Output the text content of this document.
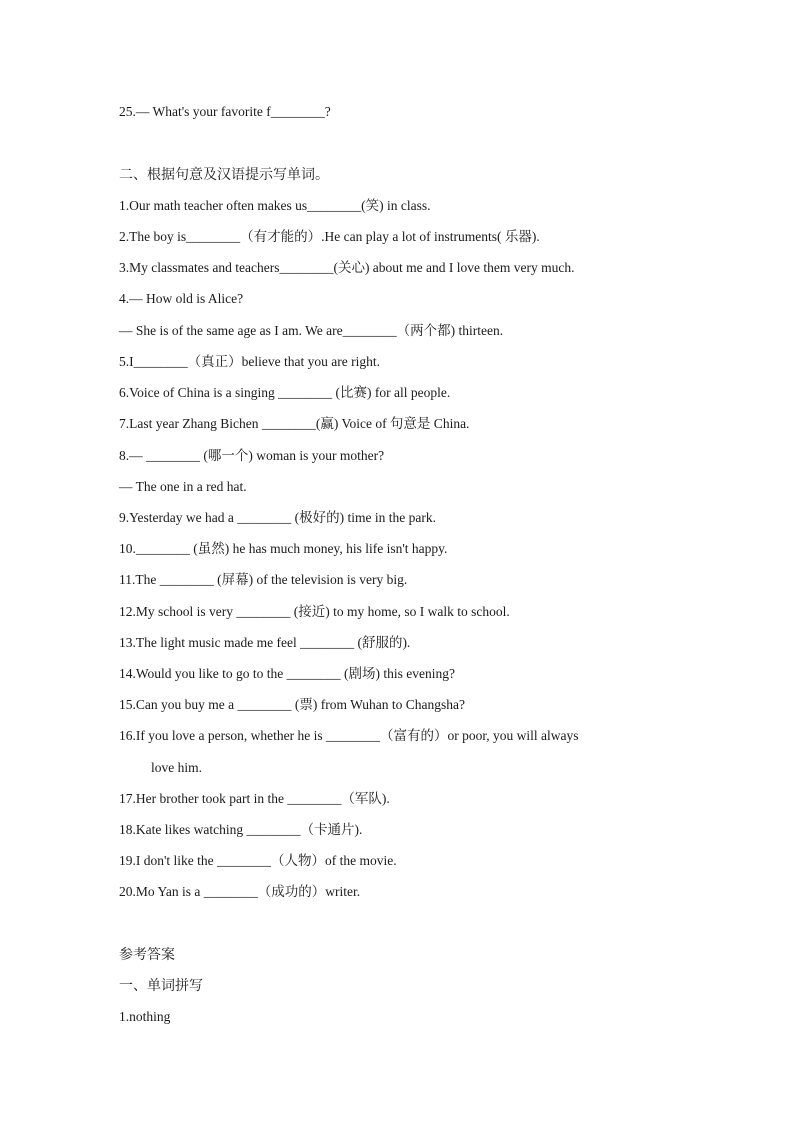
25.— What's your favorite f________?
二、根据句意及汉语提示写单词。
1.Our math teacher often makes us________(笑) in class.
2.The boy is________（有才能的）.He can play a lot of instruments( 乐器).
3.My classmates and teachers________(关心) about me and I love them very much.
4.— How old is Alice?
— She is of the same age as I am. We are________（两个都) thirteen.
5.I________（真正）believe that you are right.
6.Voice of China is a singing ________ (比赛) for all people.
7.Last year Zhang Bichen ________(赢) Voice of 句意是 China.
8.— ________ (哪一个) woman is your mother?
— The one in a red hat.
9.Yesterday we had a ________ (极好的) time in the park.
10.________ (虽然) he has much money, his life isn't happy.
11.The ________ (屏幕) of the television is very big.
12.My school is very ________ (接近) to my home, so I walk to school.
13.The light music made me feel ________ (舒服的).
14.Would you like to go to the ________ (剧场) this evening?
15.Can you buy me a ________ (票) from Wuhan to Changsha?
16.If you love a person, whether he is ________（富有的）or poor, you will always
love him.
17.Her brother took part in the ________（军队).
18.Kate likes watching ________（卡通片).
19.I don't like the ________（人物）of the movie.
20.Mo Yan is a ________（成功的）writer.
参考答案
一、单词拼写
1.nothing
